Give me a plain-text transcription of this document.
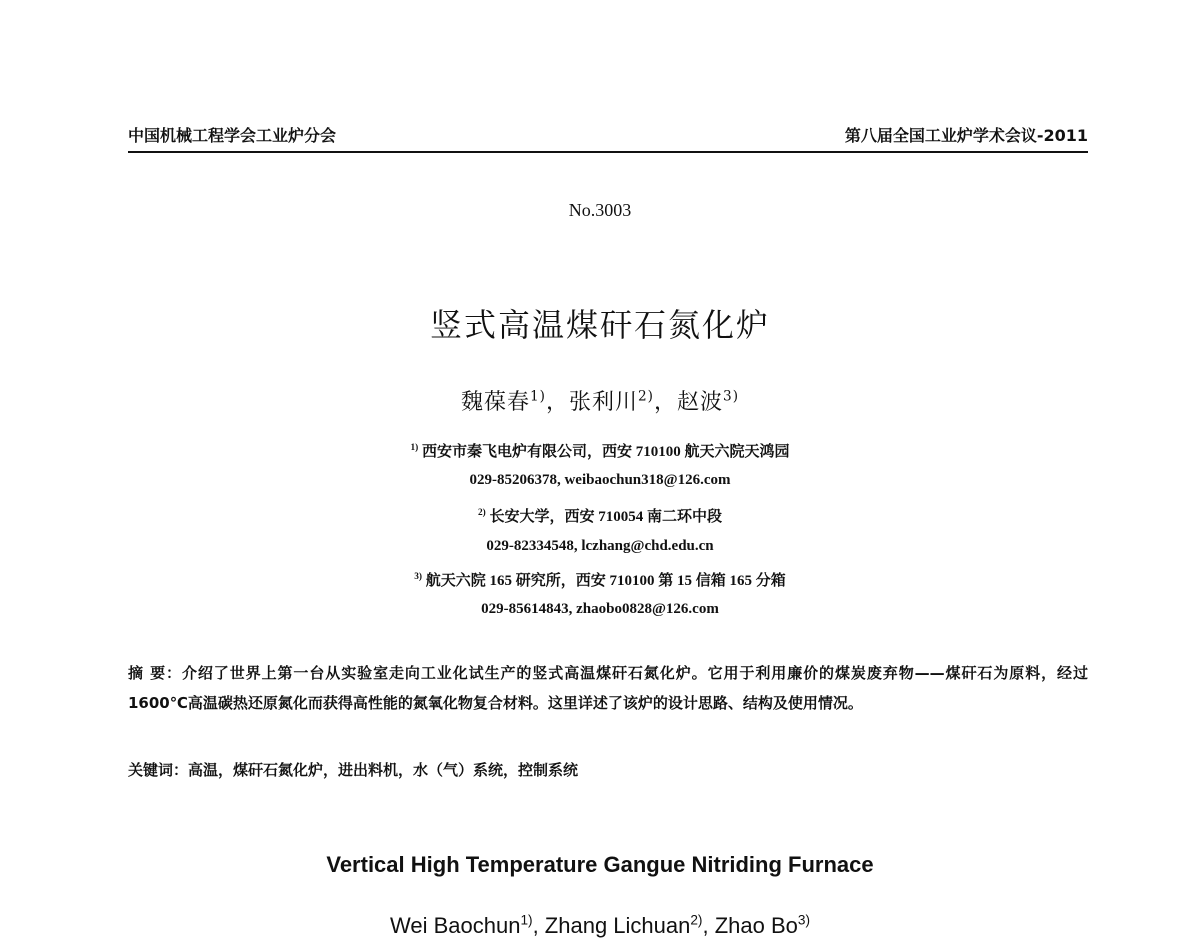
中国机械工程学会工业炉分会	第八届全国工业炉学术会议-2011
No.3003
竖式高温煤矸石氮化炉
魏葆春$^{1)}$，张利川$^{2)}$，赵波$^{3)}$
$^{1)}$ 西安市秦飞电炉有限公司，西安 710100 航天六院天鸿园
029-85206378, weibaochun318@126.com
$^{2)}$ 长安大学，西安 710054 南二环中段
029-82334548, lczhang@chd.edu.cn
$^{3)}$ 航天六院 165 研究所，西安 710100 第 15 信箱 165 分箱
029-85614843, zhaobo0828@126.com

摘 要：介绍了世界上第一台从实验室走向工业化试生产的竖式高温煤矸石氮化炉。它用于利用廉价的煤炭废弃物——煤矸石为原料，经过 1600℃高温碳热还原氮化而获得高性能的氮氧化物复合材料。这里详述了该炉的设计思路、结构及使用情况。

关键词：高温，煤矸石氮化炉，进出料机，水（气）系统，控制系统
Vertical High Temperature Gangue Nitriding Furnace
Wei Baochun$^{1)}$, Zhang Lichuan$^{2)}$, Zhao Bo$^{3)}$
